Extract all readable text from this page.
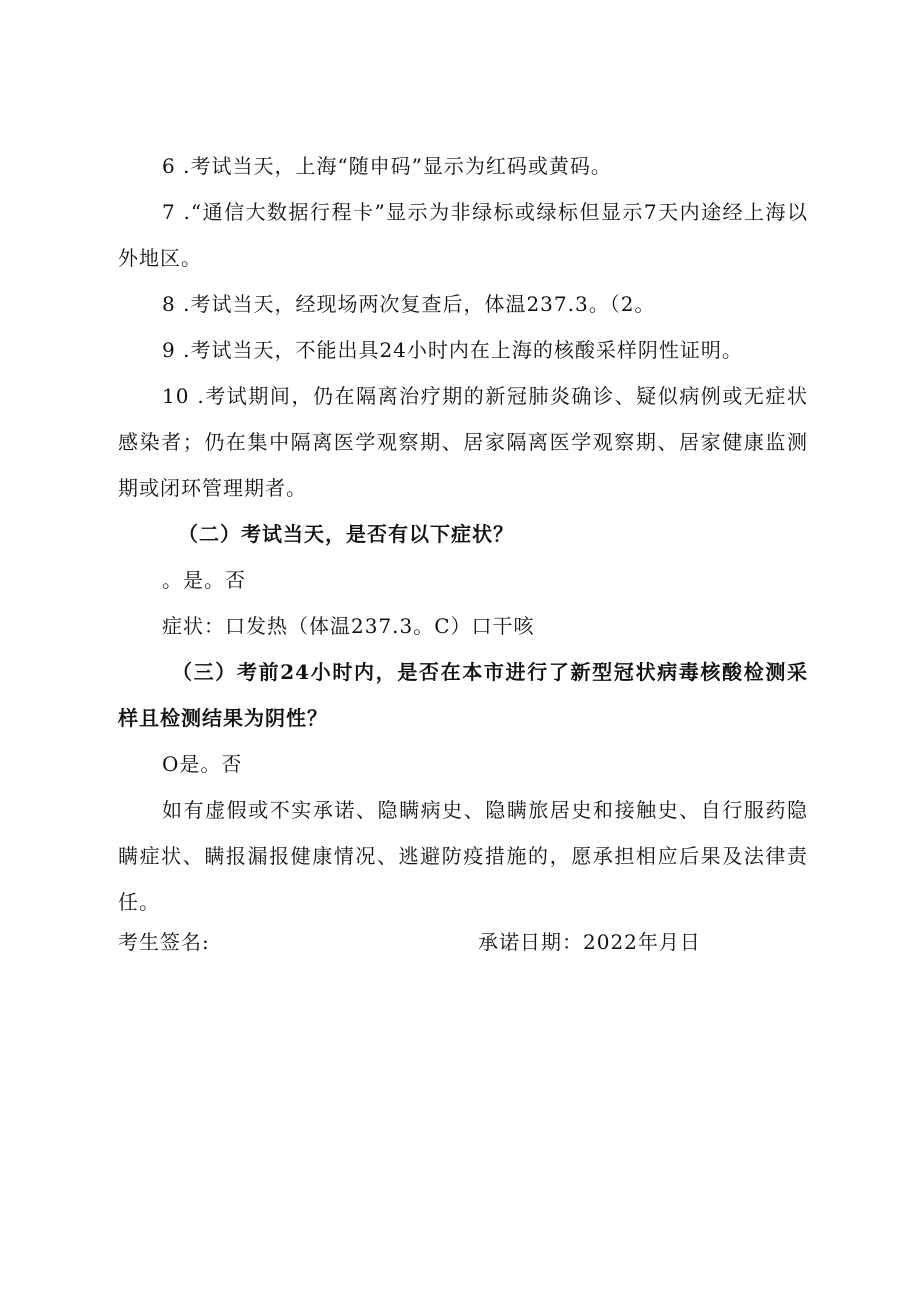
6 .考试当天，上海“随申码”显示为红码或黄码。

7 .“通信大数据行程卡”显示为非绿标或绿标但显示7天内途经上海以外地区。

8 .考试当天，经现场两次复查后，体温237.3。（2。

9 .考试当天，不能出具24小时内在上海的核酸采样阴性证明。

10 .考试期间，仍在隔离治疗期的新冠肺炎确诊、疑似病例或无症状感染者；仍在集中隔离医学观察期、居家隔离医学观察期、居家健康监测期或闭环管理期者。

（二）考试当天，是否有以下症状？

。是。否

症状：口发热（体温237.3。C）口干咳

（三）考前24小时内，是否在本市进行了新型冠状病毒核酸检测采样且检测结果为阴性？

O是。否

如有虚假或不实承诺、隐瞒病史、隐瞒旅居史和接触史、自行服药隐瞒症状、瞒报漏报健康情况、逃避防疫措施的，愿承担相应后果及法律责任。

考生签名:	承诺日期：2022年月日
